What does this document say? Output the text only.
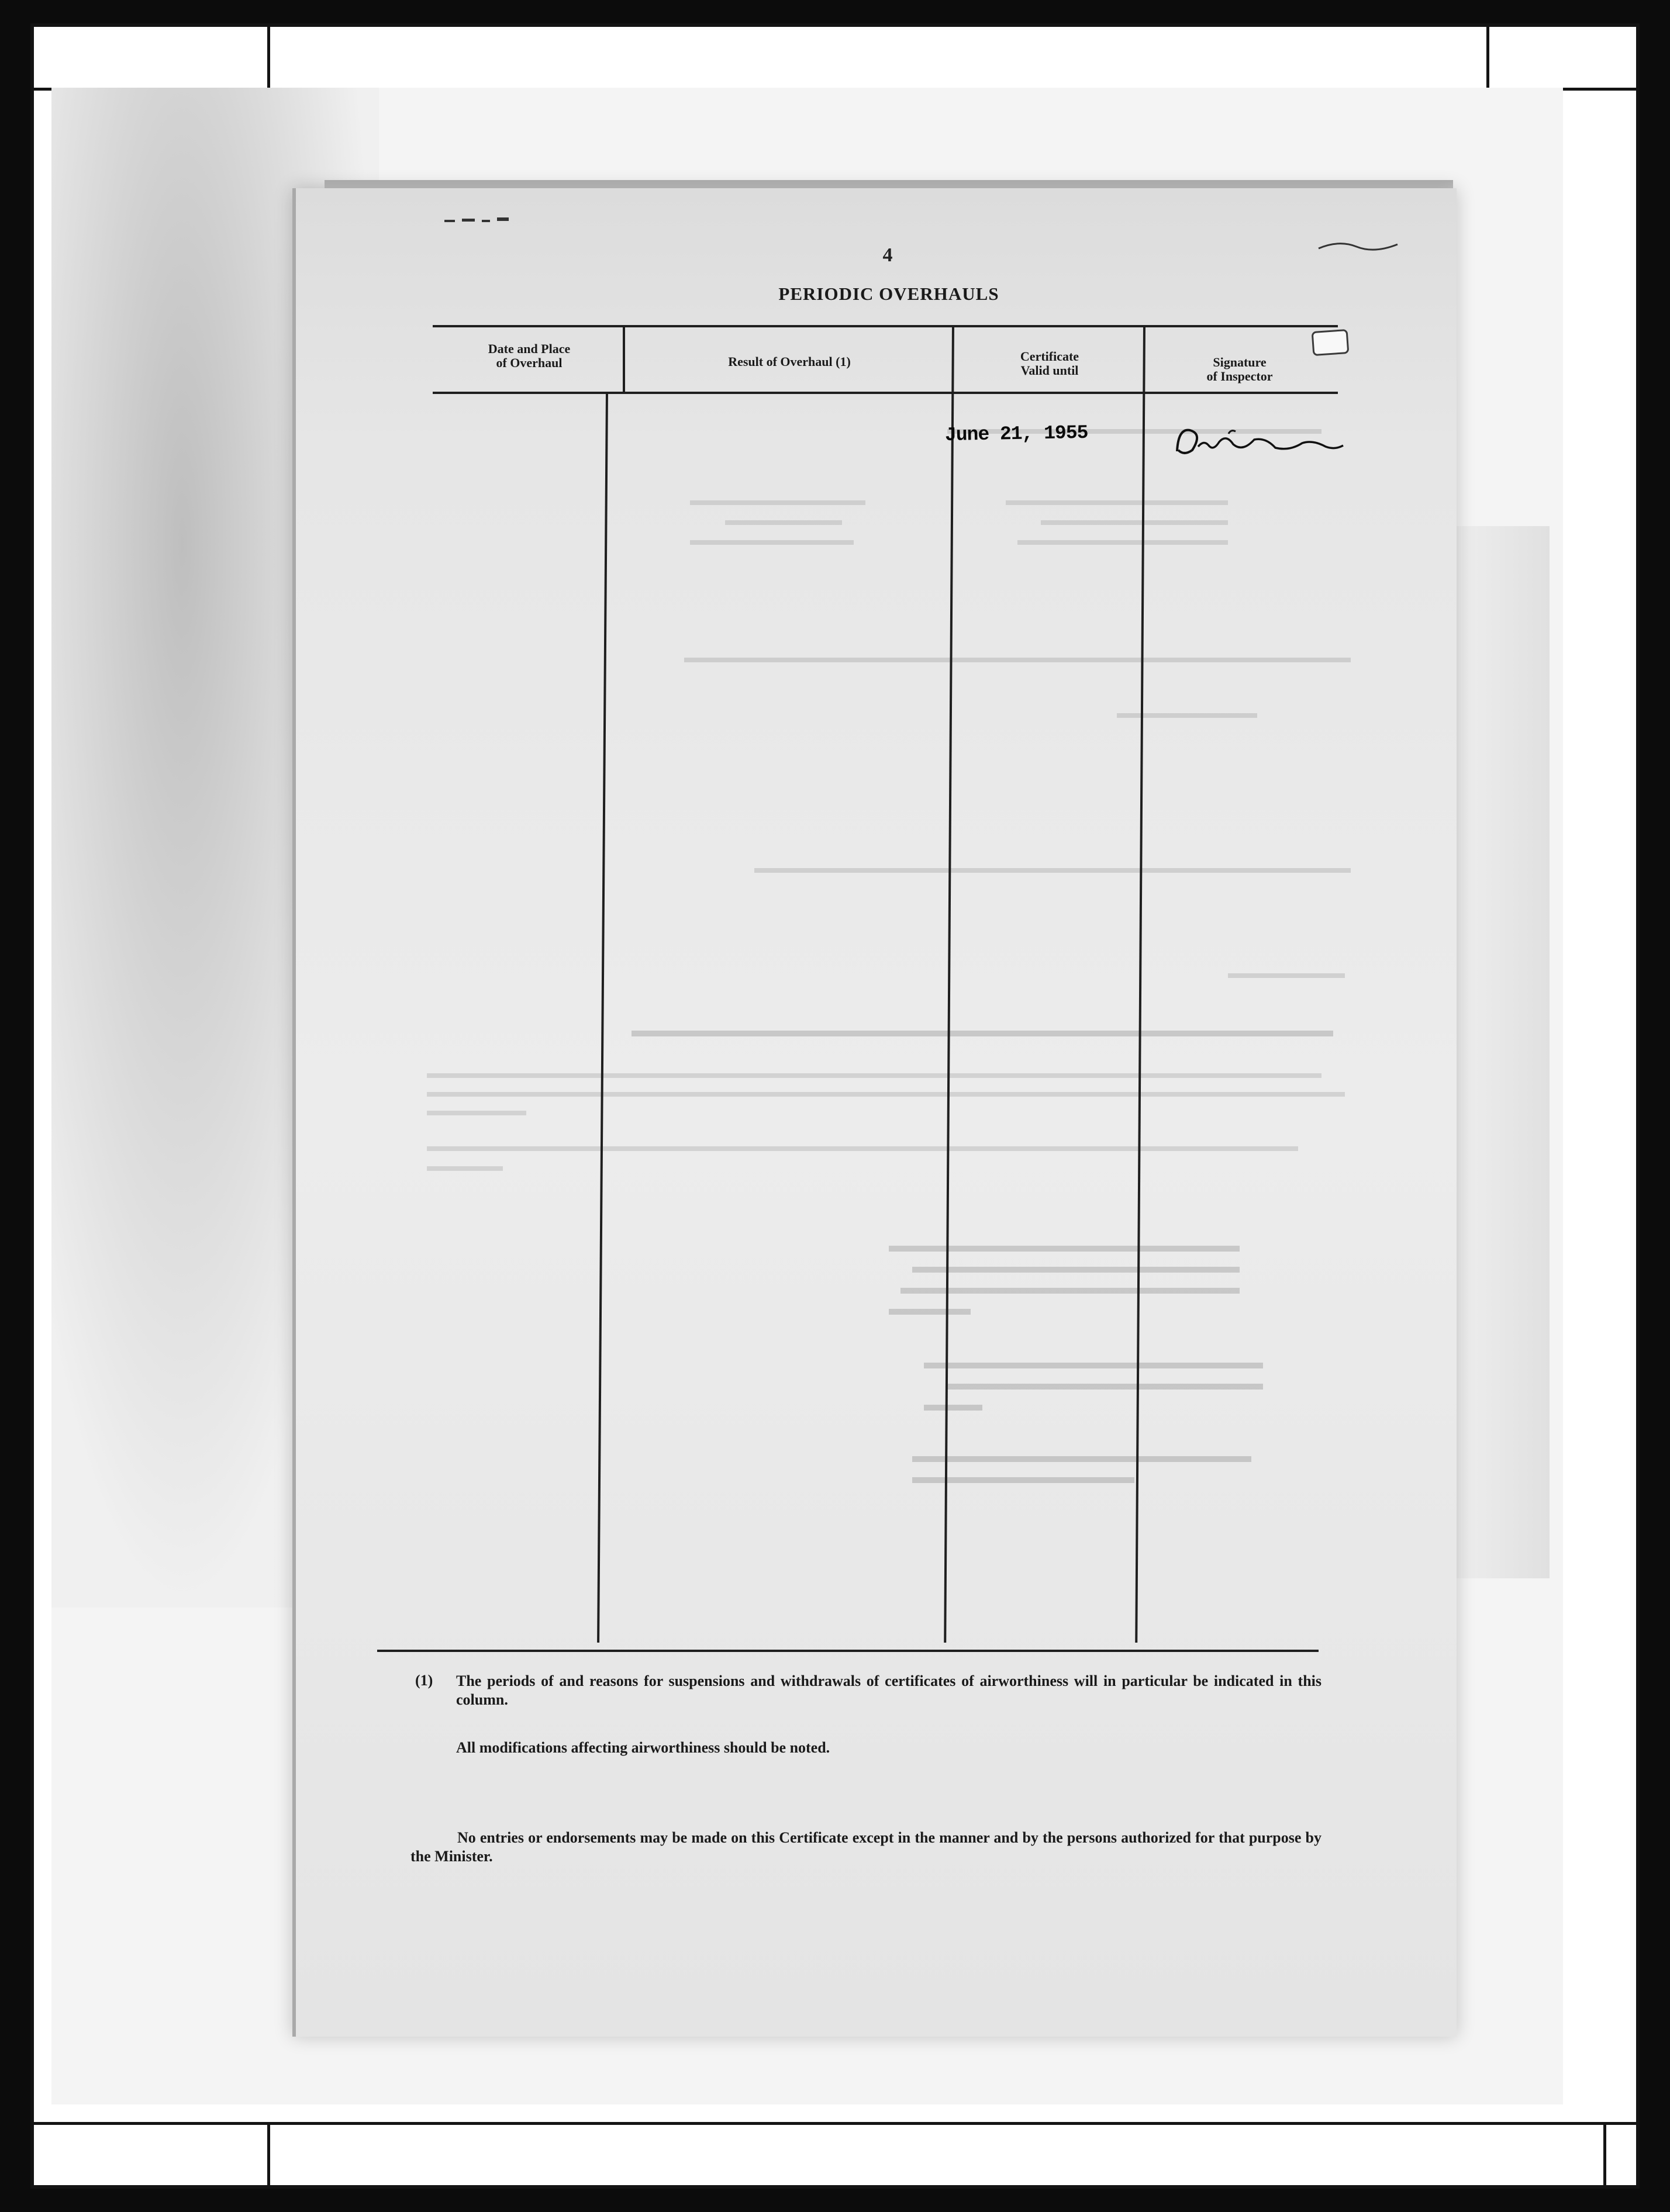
4
PERIODIC OVERHAULS
Date and Place
of Overhaul	Result of Overhaul (1)	Certificate
Valid until
Signature
of Inspector
June 21, 1955
(1) The periods of and reasons for suspensions and withdrawals of certificates of airworthiness will in particular be indicated in this column.
All modifications affecting airworthiness should be noted.
No entries or endorsements may be made on this Certificate except in the manner and by the persons authorized for that purpose by the Minister.
